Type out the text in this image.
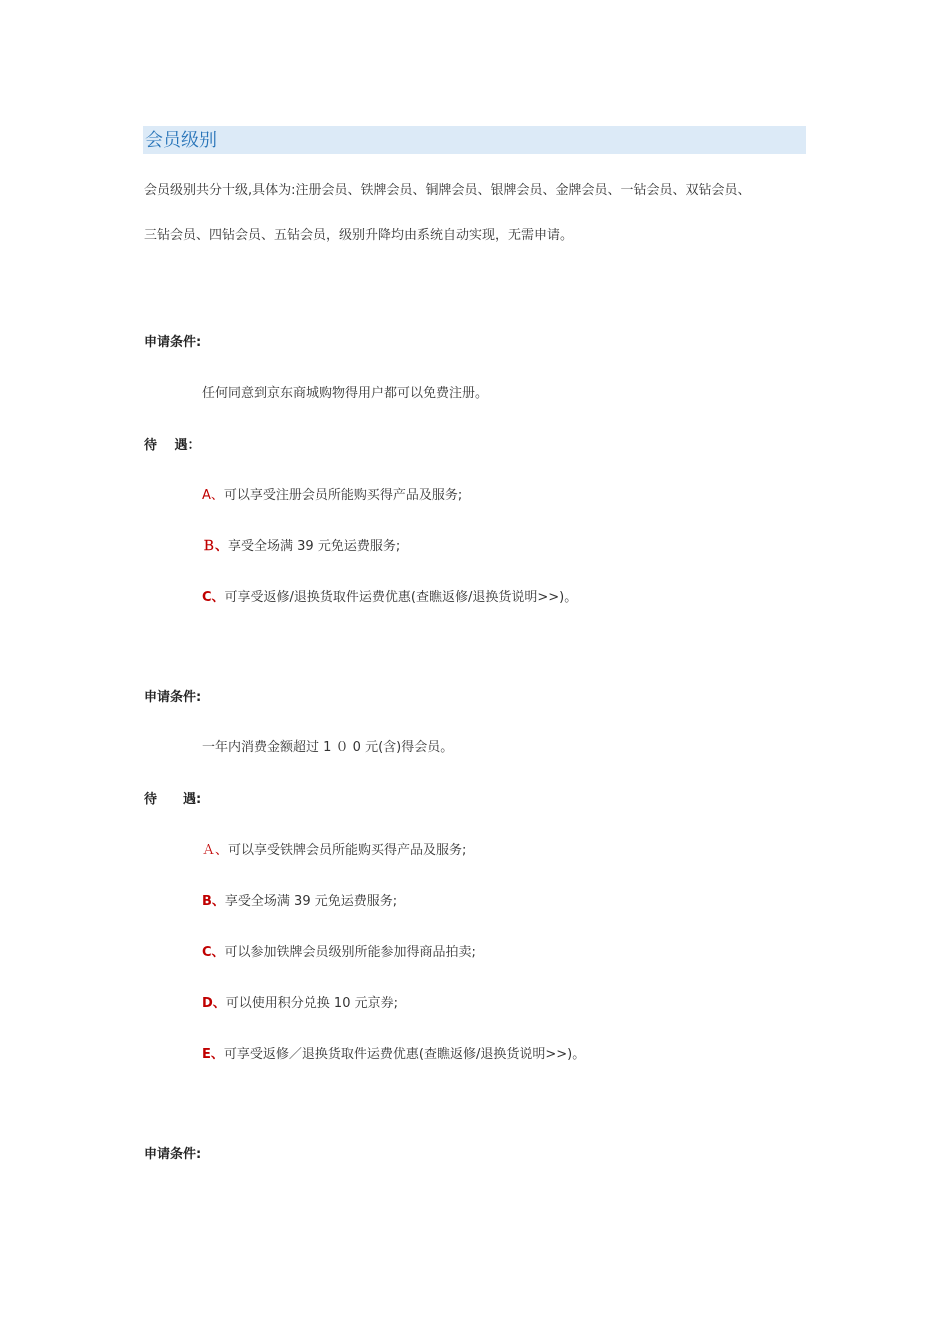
会员级别
会员级别共分十级,具体为:注册会员、铁牌会员、铜牌会员、银牌会员、金牌会员、一钻会员、双钻会员、
三钻会员、四钻会员、五钻会员，级别升降均由系统自动实现，无需申请。
申请条件:
任何同意到京东商城购物得用户都可以免费注册。
待　 遇：
A、可以享受注册会员所能购买得产品及服务;
Ｂ、享受全场满 39 元免运费服务;
C、可享受返修/退换货取件运费优惠(查瞧返修/退换货说明>>)。
申请条件:
一年内消费金额超过 1 ０ 0 元(含)得会员。
待　　遇:
Ａ、可以享受铁牌会员所能购买得产品及服务;
B、享受全场满 39 元免运费服务;
C、可以参加铁牌会员级别所能参加得商品拍卖;
D、可以使用积分兑换 10 元京券;
E、可享受返修／退换货取件运费优惠(查瞧返修/退换货说明>>)。
申请条件:
